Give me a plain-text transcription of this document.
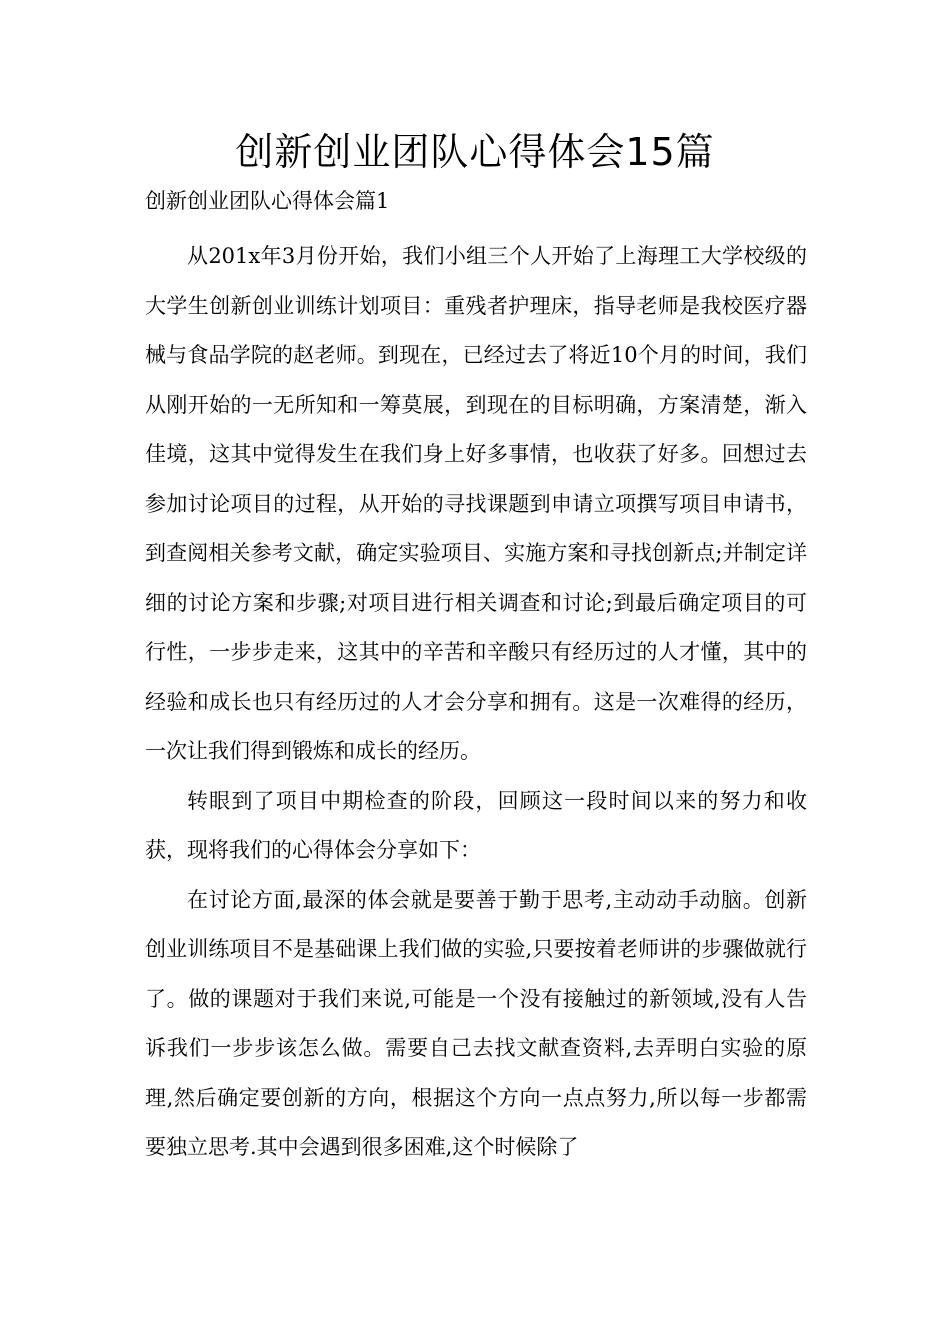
创新创业团队心得体会15篇
创新创业团队心得体会篇1

从201x年3月份开始，我们小组三个人开始了上海理工大学校级的大学生创新创业训练计划项目：重残者护理床，指导老师是我校医疗器械与食品学院的赵老师。到现在，已经过去了将近10个月的时间，我们从刚开始的一无所知和一筹莫展，到现在的目标明确，方案清楚，渐入佳境，这其中觉得发生在我们身上好多事情，也收获了好多。回想过去参加讨论项目的过程，从开始的寻找课题到申请立项撰写项目申请书，到查阅相关参考文献，确定实验项目、实施方案和寻找创新点;并制定详细的讨论方案和步骤;对项目进行相关调查和讨论;到最后确定项目的可行性，一步步走来，这其中的辛苦和辛酸只有经历过的人才懂，其中的经验和成长也只有经历过的人才会分享和拥有。这是一次难得的经历，一次让我们得到锻炼和成长的经历。

转眼到了项目中期检查的阶段，回顾这一段时间以来的努力和收获，现将我们的心得体会分享如下：

在讨论方面,最深的体会就是要善于勤于思考,主动动手动脑。创新创业训练项目不是基础课上我们做的实验,只要按着老师讲的步骤做就行了。做的课题对于我们来说,可能是一个没有接触过的新领域,没有人告诉我们一步步该怎么做。需要自己去找文献查资料,去弄明白实验的原理,然后确定要创新的方向，根据这个方向一点点努力,所以每一步都需要独立思考.其中会遇到很多困难,这个时候除了
